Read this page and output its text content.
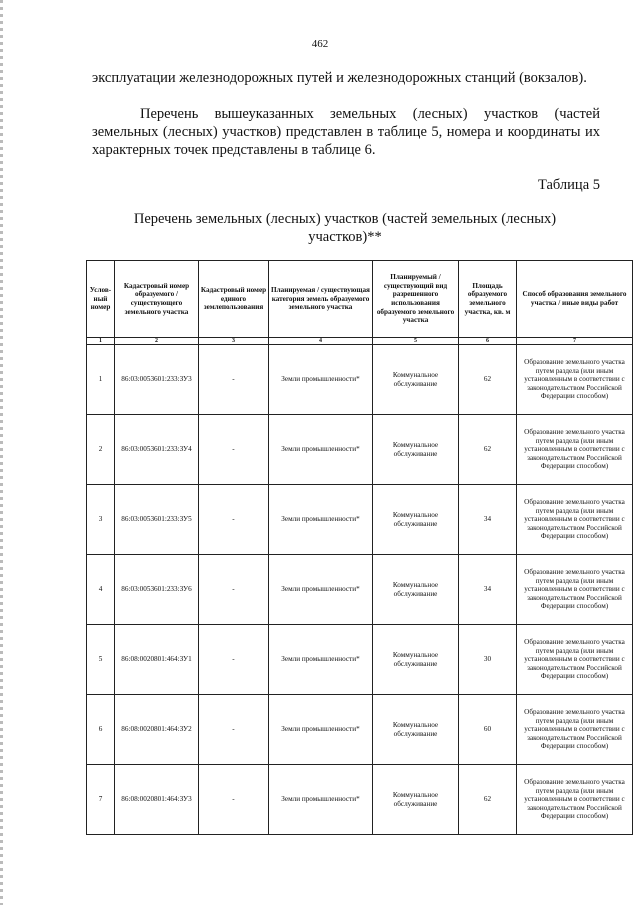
462
эксплуатации железнодорожных путей и железнодорожных станций (вокзалов).
Перечень вышеуказанных земельных (лесных) участков (частей земельных (лесных) участков) представлен в таблице 5, номера и координаты их характерных точек представлены в таблице 6.
Таблица 5
Перечень земельных (лесных) участков (частей земельных (лесных) участков)**
Услов-ный номер	Кадастровый номер образуемого / существующего земельного участка	Кадастровый номер единого землепользования	Планируемая / существующая категория земель образуемого земельного участка	Планируемый / существующий вид разрешенного использования образуемого земельного участка	Площадь образуемого земельного участка, кв. м	Способ образования земельного участка / иные виды работ
1	2	3	4	5	6	7
1	86:03:0053601:233:ЗУ3	-	Земли промышленности*	Коммунальное обслуживание	62	Образование земельного участка путем раздела (или иным установленным в соответствии с законодательством Российской Федерации способом)
2	86:03:0053601:233:ЗУ4	-	Земли промышленности*	Коммунальное обслуживание	62	Образование земельного участка путем раздела (или иным установленным в соответствии с законодательством Российской Федерации способом)
3	86:03:0053601:233:ЗУ5	-	Земли промышленности*	Коммунальное обслуживание	34	Образование земельного участка путем раздела (или иным установленным в соответствии с законодательством Российской Федерации способом)
4	86:03:0053601:233:ЗУ6	-	Земли промышленности*	Коммунальное обслуживание	34	Образование земельного участка путем раздела (или иным установленным в соответствии с законодательством Российской Федерации способом)
5	86:08:0020801:464:ЗУ1	-	Земли промышленности*	Коммунальное обслуживание	30	Образование земельного участка путем раздела (или иным установленным в соответствии с законодательством Российской Федерации способом)
6	86:08:0020801:464:ЗУ2	-	Земли промышленности*	Коммунальное обслуживание	60	Образование земельного участка путем раздела (или иным установленным в соответствии с законодательством Российской Федерации способом)
7	86:08:0020801:464:ЗУ3	-	Земли промышленности*	Коммунальное обслуживание	62	Образование земельного участка путем раздела (или иным установленным в соответствии с законодательством Российской Федерации способом)
